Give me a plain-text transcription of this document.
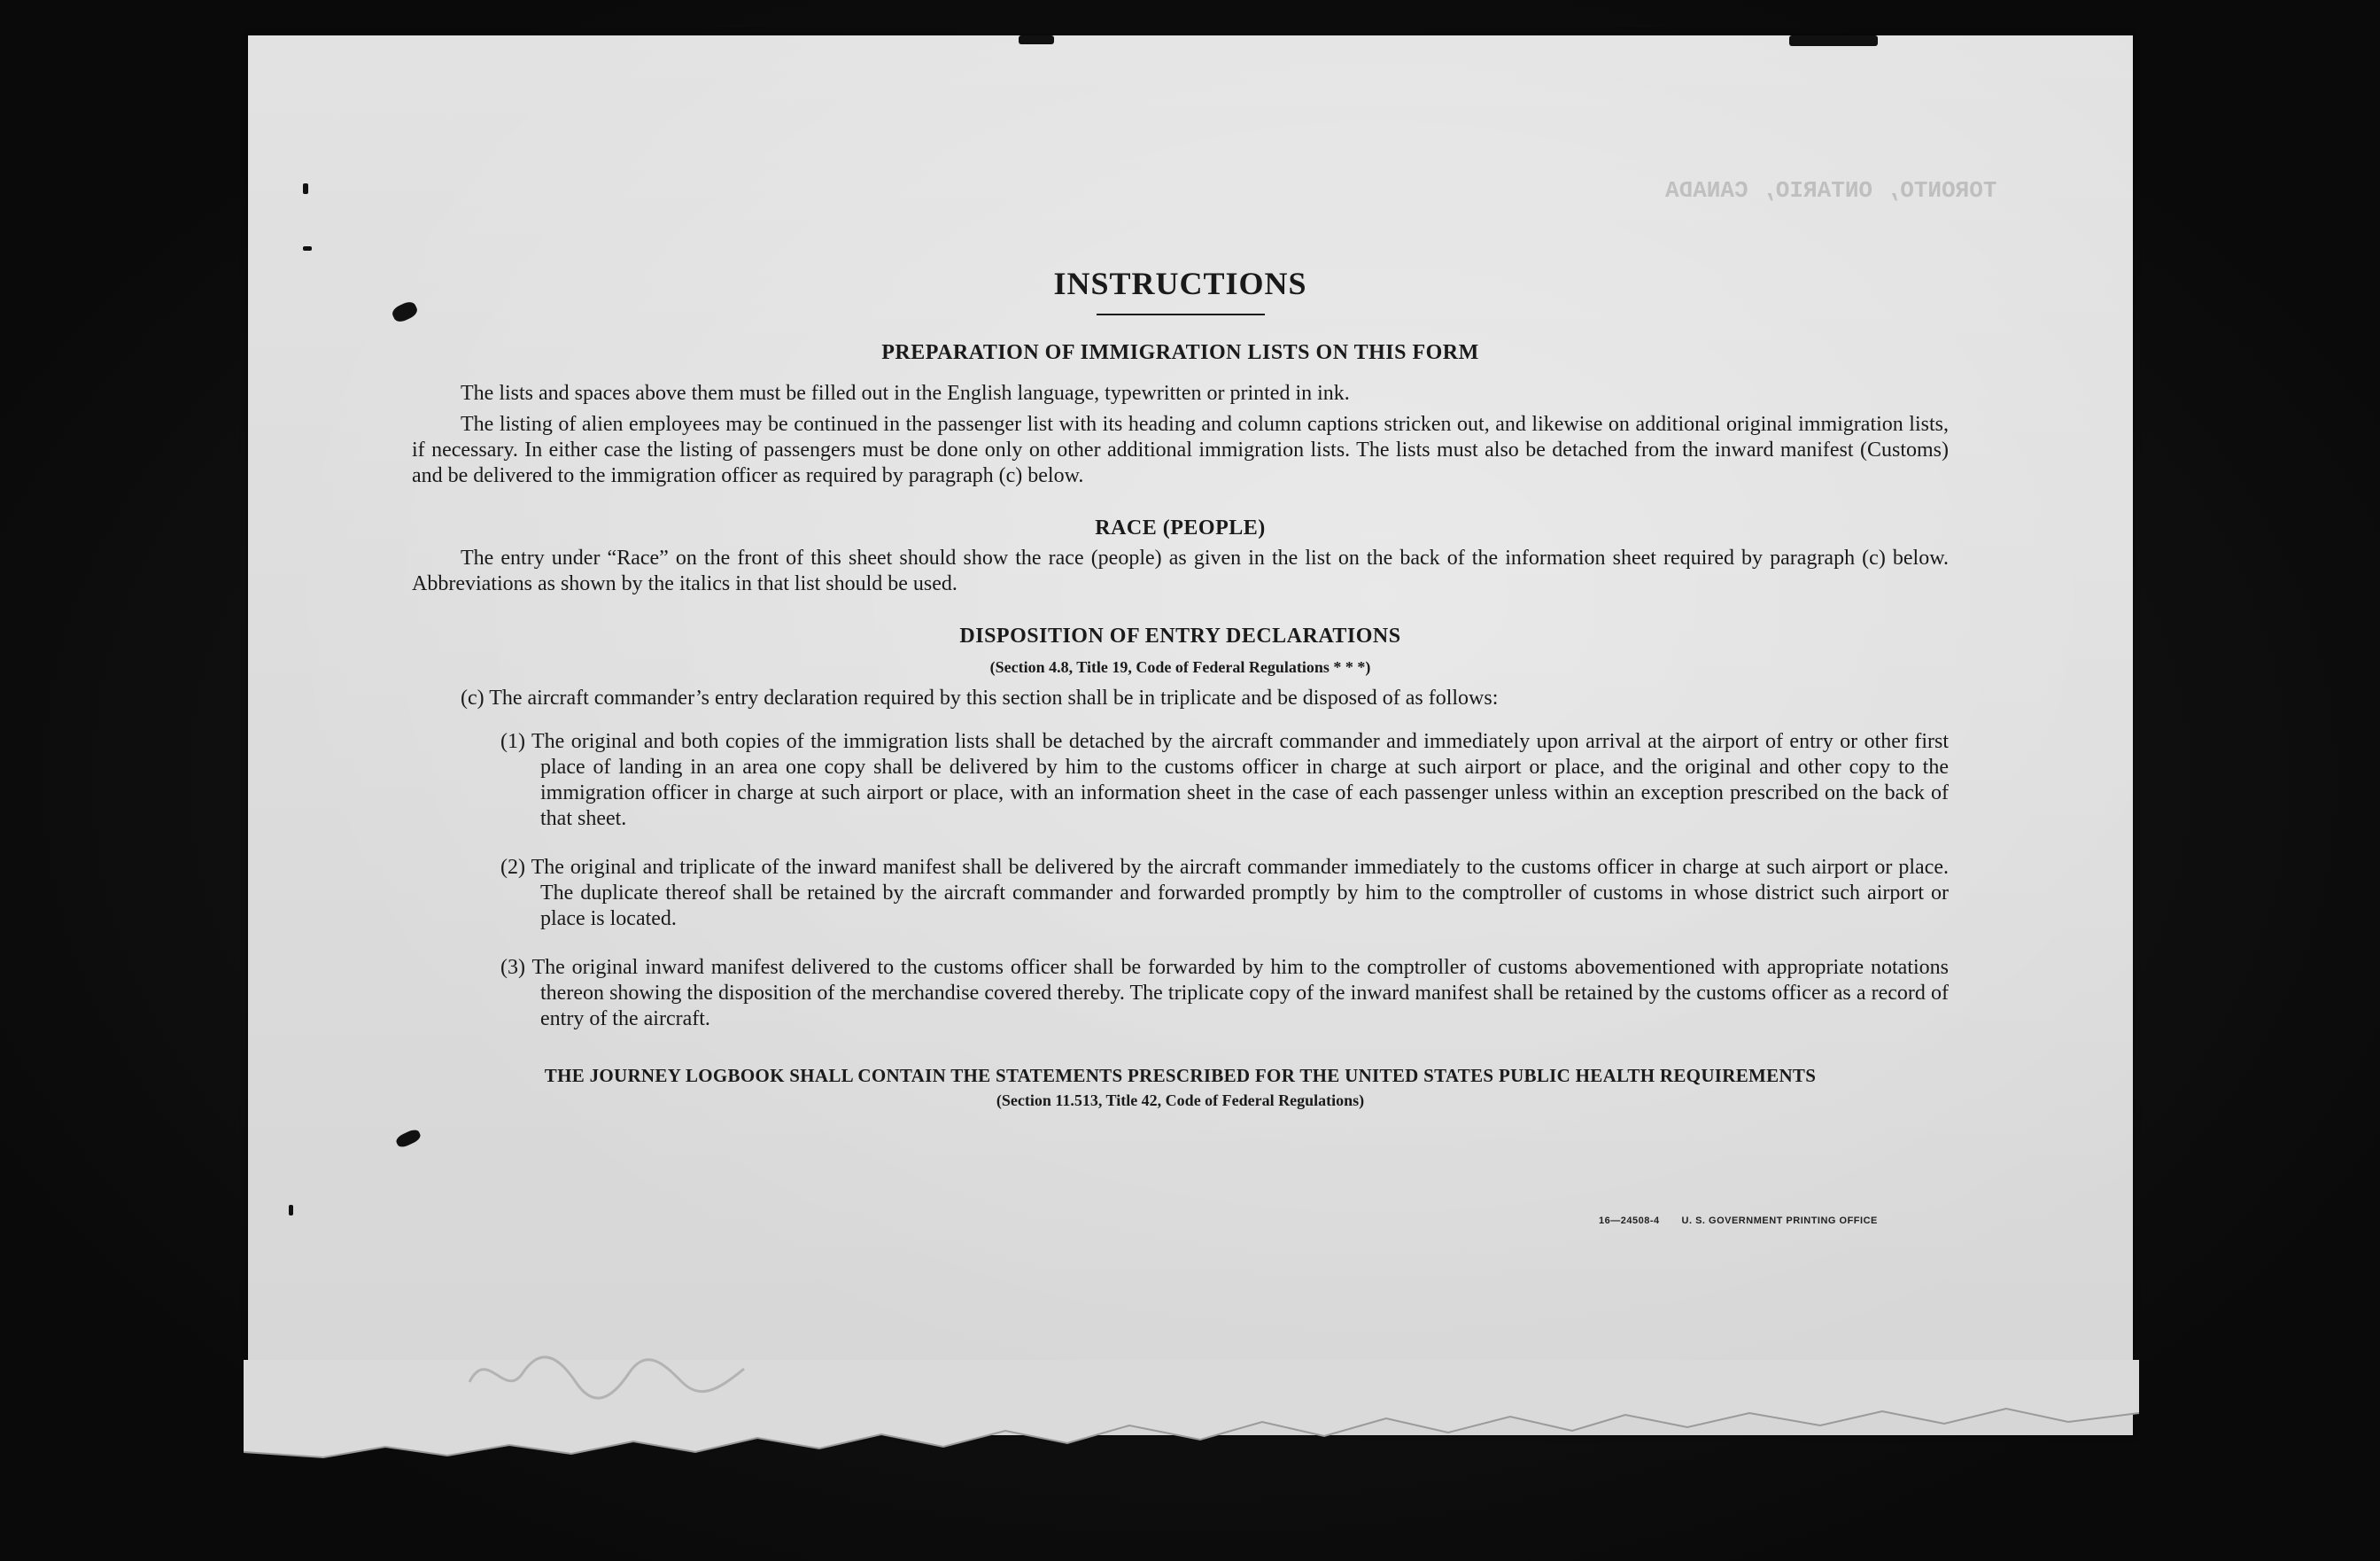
TORONTO, ONTARIO, CANADA
INSTRUCTIONS
PREPARATION OF IMMIGRATION LISTS ON THIS FORM

The lists and spaces above them must be filled out in the English language, typewritten or printed in ink.

The listing of alien employees may be continued in the passenger list with its heading and column captions stricken out, and likewise on additional original immigration lists, if necessary. In either case the listing of passengers must be done only on other additional immigration lists. The lists must also be detached from the inward manifest (Customs) and be delivered to the immigration officer as required by paragraph (c) below.

RACE (PEOPLE)

The entry under “Race” on the front of this sheet should show the race (people) as given in the list on the back of the information sheet required by paragraph (c) below. Abbreviations as shown by the italics in that list should be used.

DISPOSITION OF ENTRY DECLARATIONS

(Section 4.8, Title 19, Code of Federal Regulations * * *)

(c) The aircraft commander’s entry declaration required by this section shall be in triplicate and be disposed of as follows:

(1) The original and both copies of the immigration lists shall be detached by the aircraft commander and immediately upon arrival at the airport of entry or other first place of landing in an area one copy shall be delivered by him to the customs officer in charge at such airport or place, and the original and other copy to the immigration officer in charge at such airport or place, with an information sheet in the case of each passenger unless within an exception prescribed on the back of that sheet.

(2) The original and triplicate of the inward manifest shall be delivered by the aircraft commander immediately to the customs officer in charge at such airport or place. The duplicate thereof shall be retained by the aircraft commander and forwarded promptly by him to the comptroller of customs in whose district such airport or place is located.

(3) The original inward manifest delivered to the customs officer shall be forwarded by him to the comptroller of customs abovementioned with appropriate notations thereon showing the disposition of the merchandise covered thereby. The triplicate copy of the inward manifest shall be retained by the customs officer as a record of entry of the aircraft.

THE JOURNEY LOGBOOK SHALL CONTAIN THE STATEMENTS PRESCRIBED FOR THE UNITED STATES PUBLIC HEALTH REQUIREMENTS

(Section 11.513, Title 42, Code of Federal Regulations)

16—24508-4 U. S. GOVERNMENT PRINTING OFFICE
